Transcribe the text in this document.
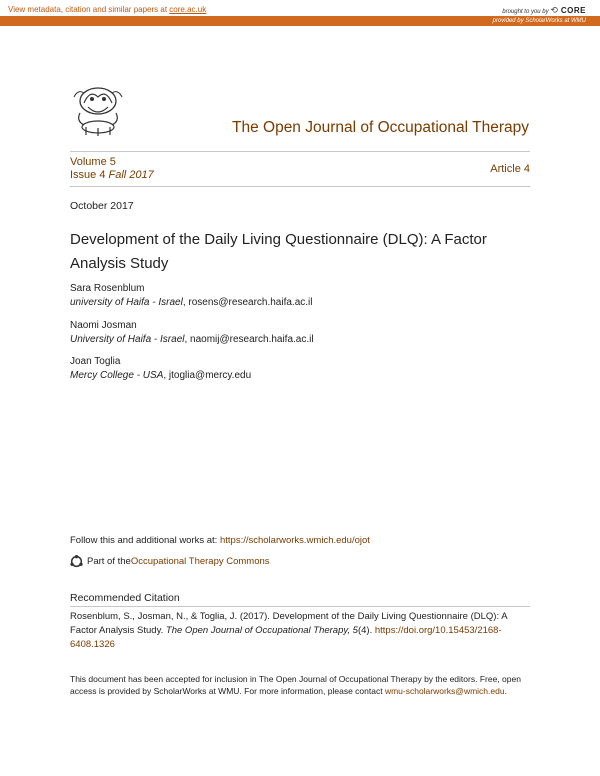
View metadata, citation and similar papers at core.ac.uk	brought to you by ⟲ CORE
provided by ScholarWorks at WMU
The Open Journal of Occupational Therapy
Volume 5
Issue 4 Fall 2017	Article 4
October 2017
Development of the Daily Living Questionnaire (DLQ): A Factor Analysis Study
Sara Rosenblum
university of Haifa - Israel, rosens@research.haifa.ac.il
Naomi Josman
University of Haifa - Israel, naomij@research.haifa.ac.il
Joan Toglia
Mercy College - USA, jtoglia@mercy.edu
Follow this and additional works at: https://scholarworks.wmich.edu/ojot
Part of the Occupational Therapy Commons
Recommended Citation
Rosenblum, S., Josman, N., & Toglia, J. (2017). Development of the Daily Living Questionnaire (DLQ): A Factor Analysis Study. The Open Journal of Occupational Therapy, 5(4). https://doi.org/10.15453/2168-6408.1326
This document has been accepted for inclusion in The Open Journal of Occupational Therapy by the editors. Free, open access is provided by ScholarWorks at WMU. For more information, please contact wmu-scholarworks@wmich.edu.
